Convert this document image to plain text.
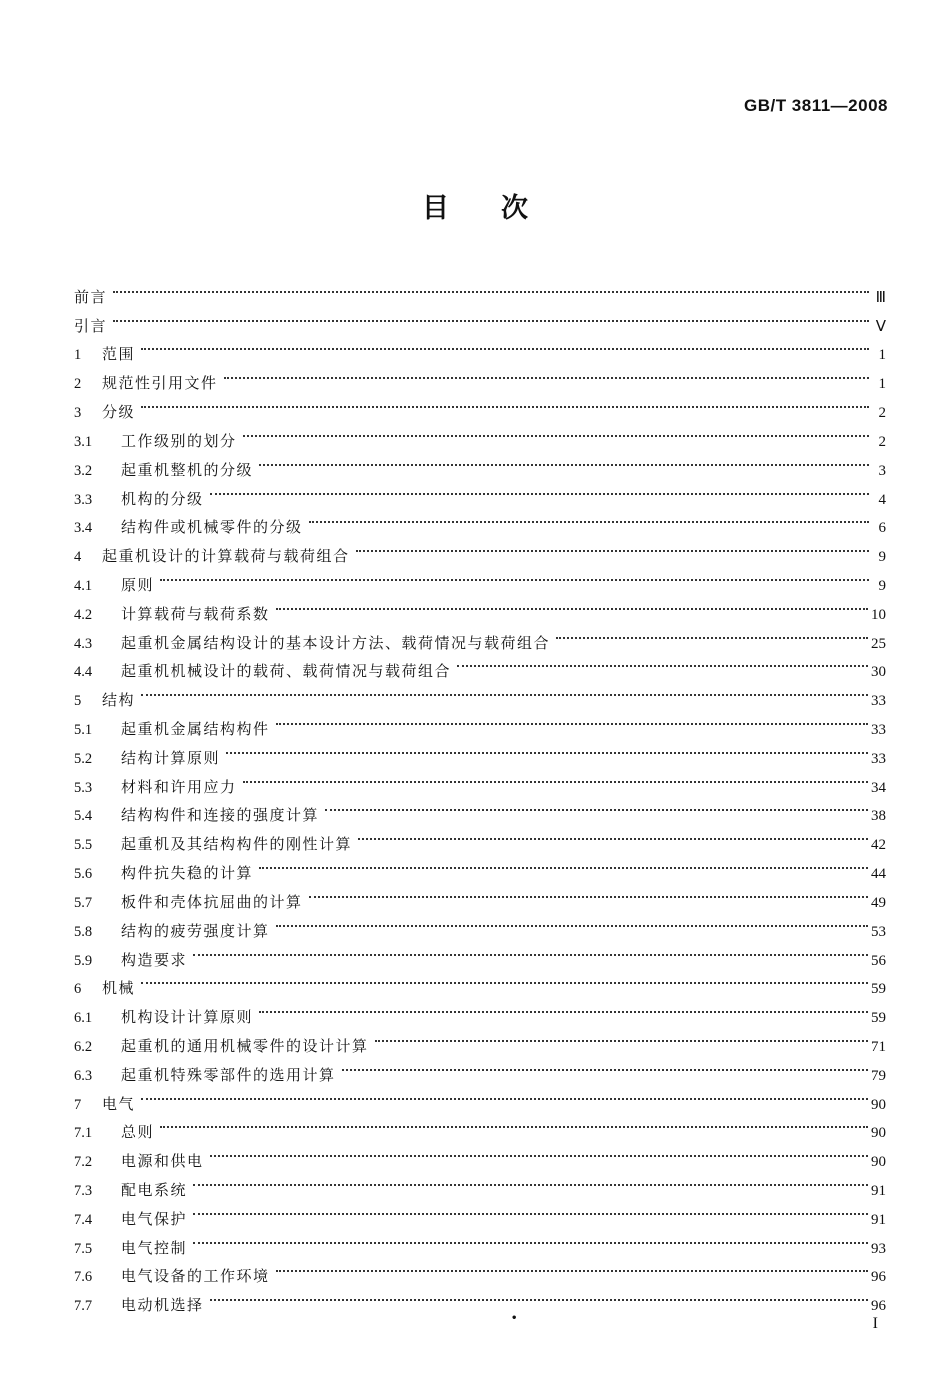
GB/T 3811—2008
目次
前言	Ⅲ
引言	Ⅴ
1	范围	1
2	规范性引用文件	1
3	分级	2
3.1	工作级别的划分	2
3.2	起重机整机的分级	3
3.3	机构的分级	4
3.4	结构件或机械零件的分级	6
4	起重机设计的计算载荷与载荷组合	9
4.1	原则	9
4.2	计算载荷与载荷系数	10
4.3	起重机金属结构设计的基本设计方法、载荷情况与载荷组合	25
4.4	起重机机械设计的载荷、载荷情况与载荷组合	30
5	结构	33
5.1	起重机金属结构构件	33
5.2	结构计算原则	33
5.3	材料和许用应力	34
5.4	结构构件和连接的强度计算	38
5.5	起重机及其结构构件的刚性计算	42
5.6	构件抗失稳的计算	44
5.7	板件和壳体抗屈曲的计算	49
5.8	结构的疲劳强度计算	53
5.9	构造要求	56
6	机械	59
6.1	机构设计计算原则	59
6.2	起重机的通用机械零件的设计计算	71
6.3	起重机特殊零部件的选用计算	79
7	电气	90
7.1	总则	90
7.2	电源和供电	90
7.3	配电系统	91
7.4	电气保护	91
7.5	电气控制	93
7.6	电气设备的工作环境	96
7.7	电动机选择	96
•	I
